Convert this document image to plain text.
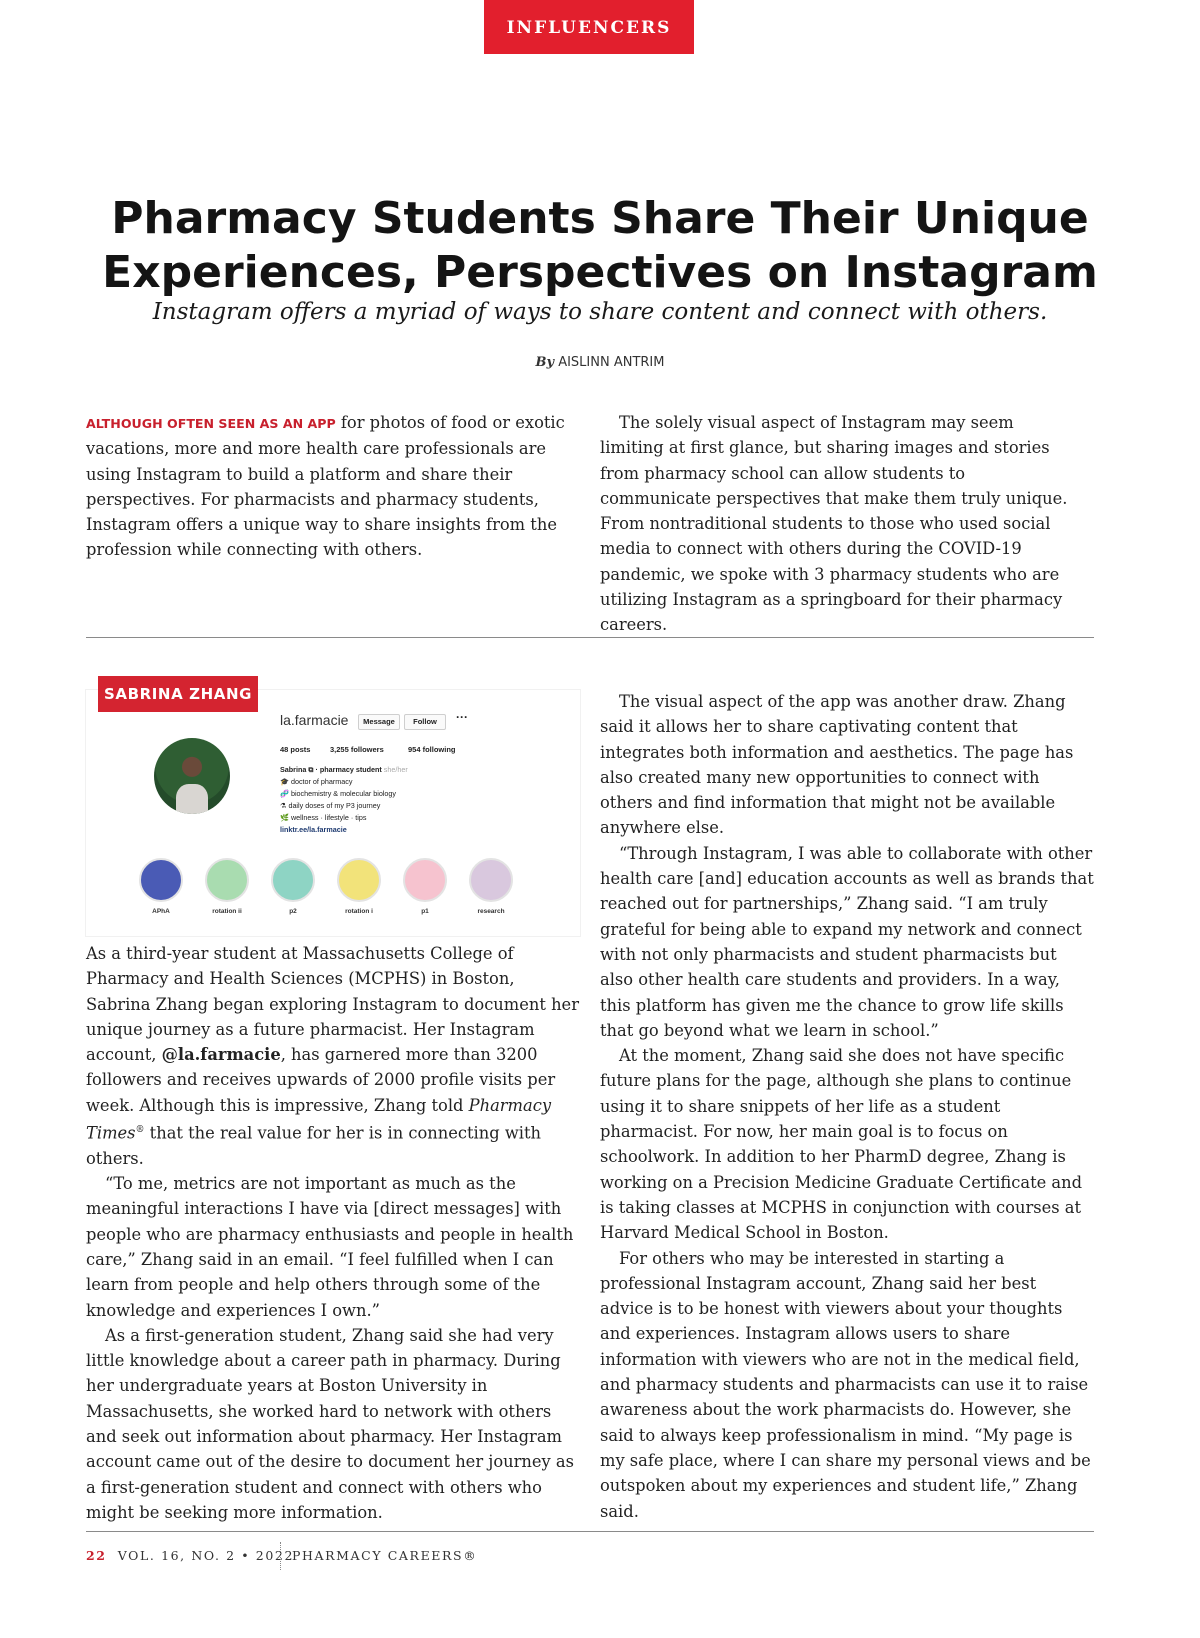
INFLUENCERS
Pharmacy Students Share Their Unique
Experiences, Perspectives on Instagram
Instagram offers a myriad of ways to share content and connect with others.
By AISLINN ANTRIM

ALTHOUGH OFTEN SEEN AS AN APP for photos of food or exotic vacations, more and more health care professionals are using Instagram to build a platform and share their perspectives. For pharmacists and pharmacy students, Instagram offers a unique way to share insights from the profession while connecting with others.

The solely visual aspect of Instagram may seem limiting at first glance, but sharing images and stories from pharmacy school can allow students to communicate perspectives that make them truly unique. From nontraditional students to those who used social media to connect with others during the COVID-19 pandemic, we spoke with 3 pharmacy students who are utilizing Instagram as a springboard for their pharmacy careers.

SABRINA ZHANG
la.farmacie	Message	Follow	···
48 posts	3,255 followers	954 following
Sabrina ⧉ · pharmacy student she/her
🎓 doctor of pharmacy
🧬 biochemistry & molecular biology
⚗ daily doses of my P3 journey
🌿 wellness · lifestyle · tips
linktr.ee/la.farmacie
APhA	rotation ii	p2	rotation i	p1	research

As a third-year student at Massachusetts College of Pharmacy and Health Sciences (MCPHS) in Boston, Sabrina Zhang began exploring Instagram to document her unique journey as a future pharmacist. Her Instagram account, @la.farmacie, has garnered more than 3200 followers and receives upwards of 2000 profile visits per week. Although this is impressive, Zhang told Pharmacy Times® that the real value for her is in connecting with others.

“To me, metrics are not important as much as the meaningful interactions I have via [direct messages] with people who are pharmacy enthusiasts and people in health care,” Zhang said in an email. “I feel fulfilled when I can learn from people and help others through some of the knowledge and experiences I own.”

As a first-generation student, Zhang said she had very little knowledge about a career path in pharmacy. During her undergraduate years at Boston University in Massachusetts, she worked hard to network with others and seek out information about pharmacy. Her Instagram account came out of the desire to document her journey as a first-generation student and connect with others who might be seeking more information.

The visual aspect of the app was another draw. Zhang said it allows her to share captivating content that integrates both information and aesthetics. The page has also created many new opportunities to connect with others and find information that might not be available anywhere else.

“Through Instagram, I was able to collaborate with other health care [and] education accounts as well as brands that reached out for partnerships,” Zhang said. “I am truly grateful for being able to expand my network and connect with not only pharmacists and student pharmacists but also other health care students and providers. In a way, this platform has given me the chance to grow life skills that go beyond what we learn in school.”

At the moment, Zhang said she does not have specific future plans for the page, although she plans to continue using it to share snippets of her life as a student pharmacist. For now, her main goal is to focus on schoolwork. In addition to her PharmD degree, Zhang is working on a Precision Medicine Graduate Certificate and is taking classes at MCPHS in conjunction with courses at Harvard Medical School in Boston.

For others who may be interested in starting a professional Instagram account, Zhang said her best advice is to be honest with viewers about your thoughts and experiences. Instagram allows users to share information with viewers who are not in the medical field, and pharmacy students and pharmacists can use it to raise awareness about the work pharmacists do. However, she said to always keep professionalism in mind. “My page is my safe place, where I can share my personal views and be outspoken about my experiences and student life,” Zhang said.

22 VOL. 16, NO. 2 • 2022
PHARMACY CAREERS®
